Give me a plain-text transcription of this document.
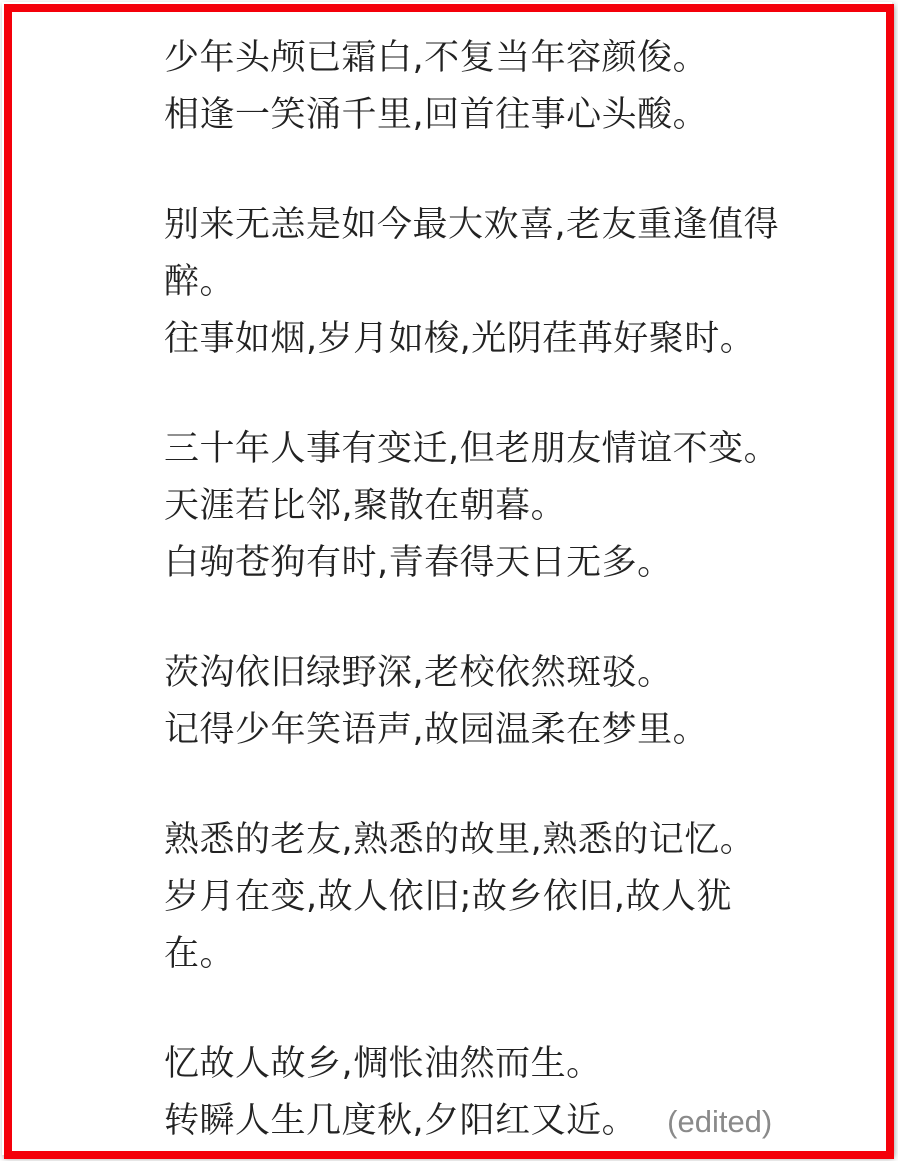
少年头颅已霜白,不复当年容颜俊。
相逢一笑涌千里,回首往事心头酸。
别来无恙是如今最大欢喜,老友重逢值得
醉。
往事如烟,岁月如梭,光阴荏苒好聚时。
三十年人事有变迁,但老朋友情谊不变。
天涯若比邻,聚散在朝暮。
白驹苍狗有时,青春得天日无多。
茨沟依旧绿野深,老校依然斑驳。
记得少年笑语声,故园温柔在梦里。
熟悉的老友,熟悉的故里,熟悉的记忆。
岁月在变,故人依旧;故乡依旧,故人犹
在。
忆故人故乡,惆怅油然而生。
转瞬人生几度秋,夕阳红又近。 (edited)
